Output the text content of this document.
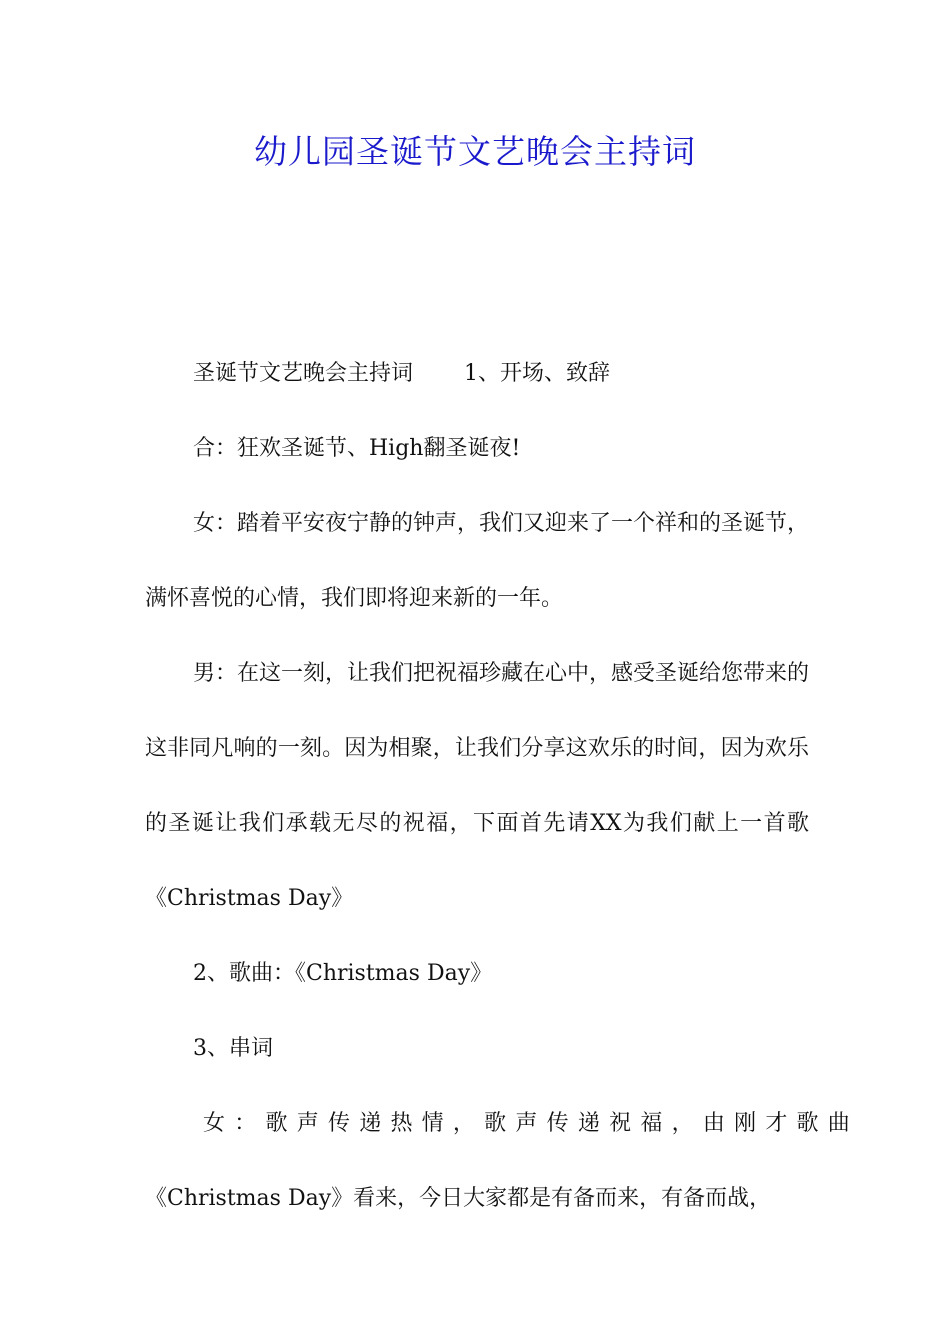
幼儿园圣诞节文艺晚会主持词

圣诞节文艺晚会主持词 　　1、开场、致辞

合：狂欢圣诞节、High翻圣诞夜!

女：踏着平安夜宁静的钟声，我们又迎来了一个祥和的圣诞节，满怀喜悦的心情，我们即将迎来新的一年。

男：在这一刻，让我们把祝福珍藏在心中，感受圣诞给您带来的这非同凡响的一刻。因为相聚，让我们分享这欢乐的时间，因为欢乐的圣诞让我们承载无尽的祝福，下面首先请XX为我们献上一首歌《Christmas Day》

2、歌曲：《Christmas Day》

3、串词

女：歌声传递热情，歌声传递祝福，由刚才歌曲

《Christmas Day》看来，今日大家都是有备而来，有备而战，
